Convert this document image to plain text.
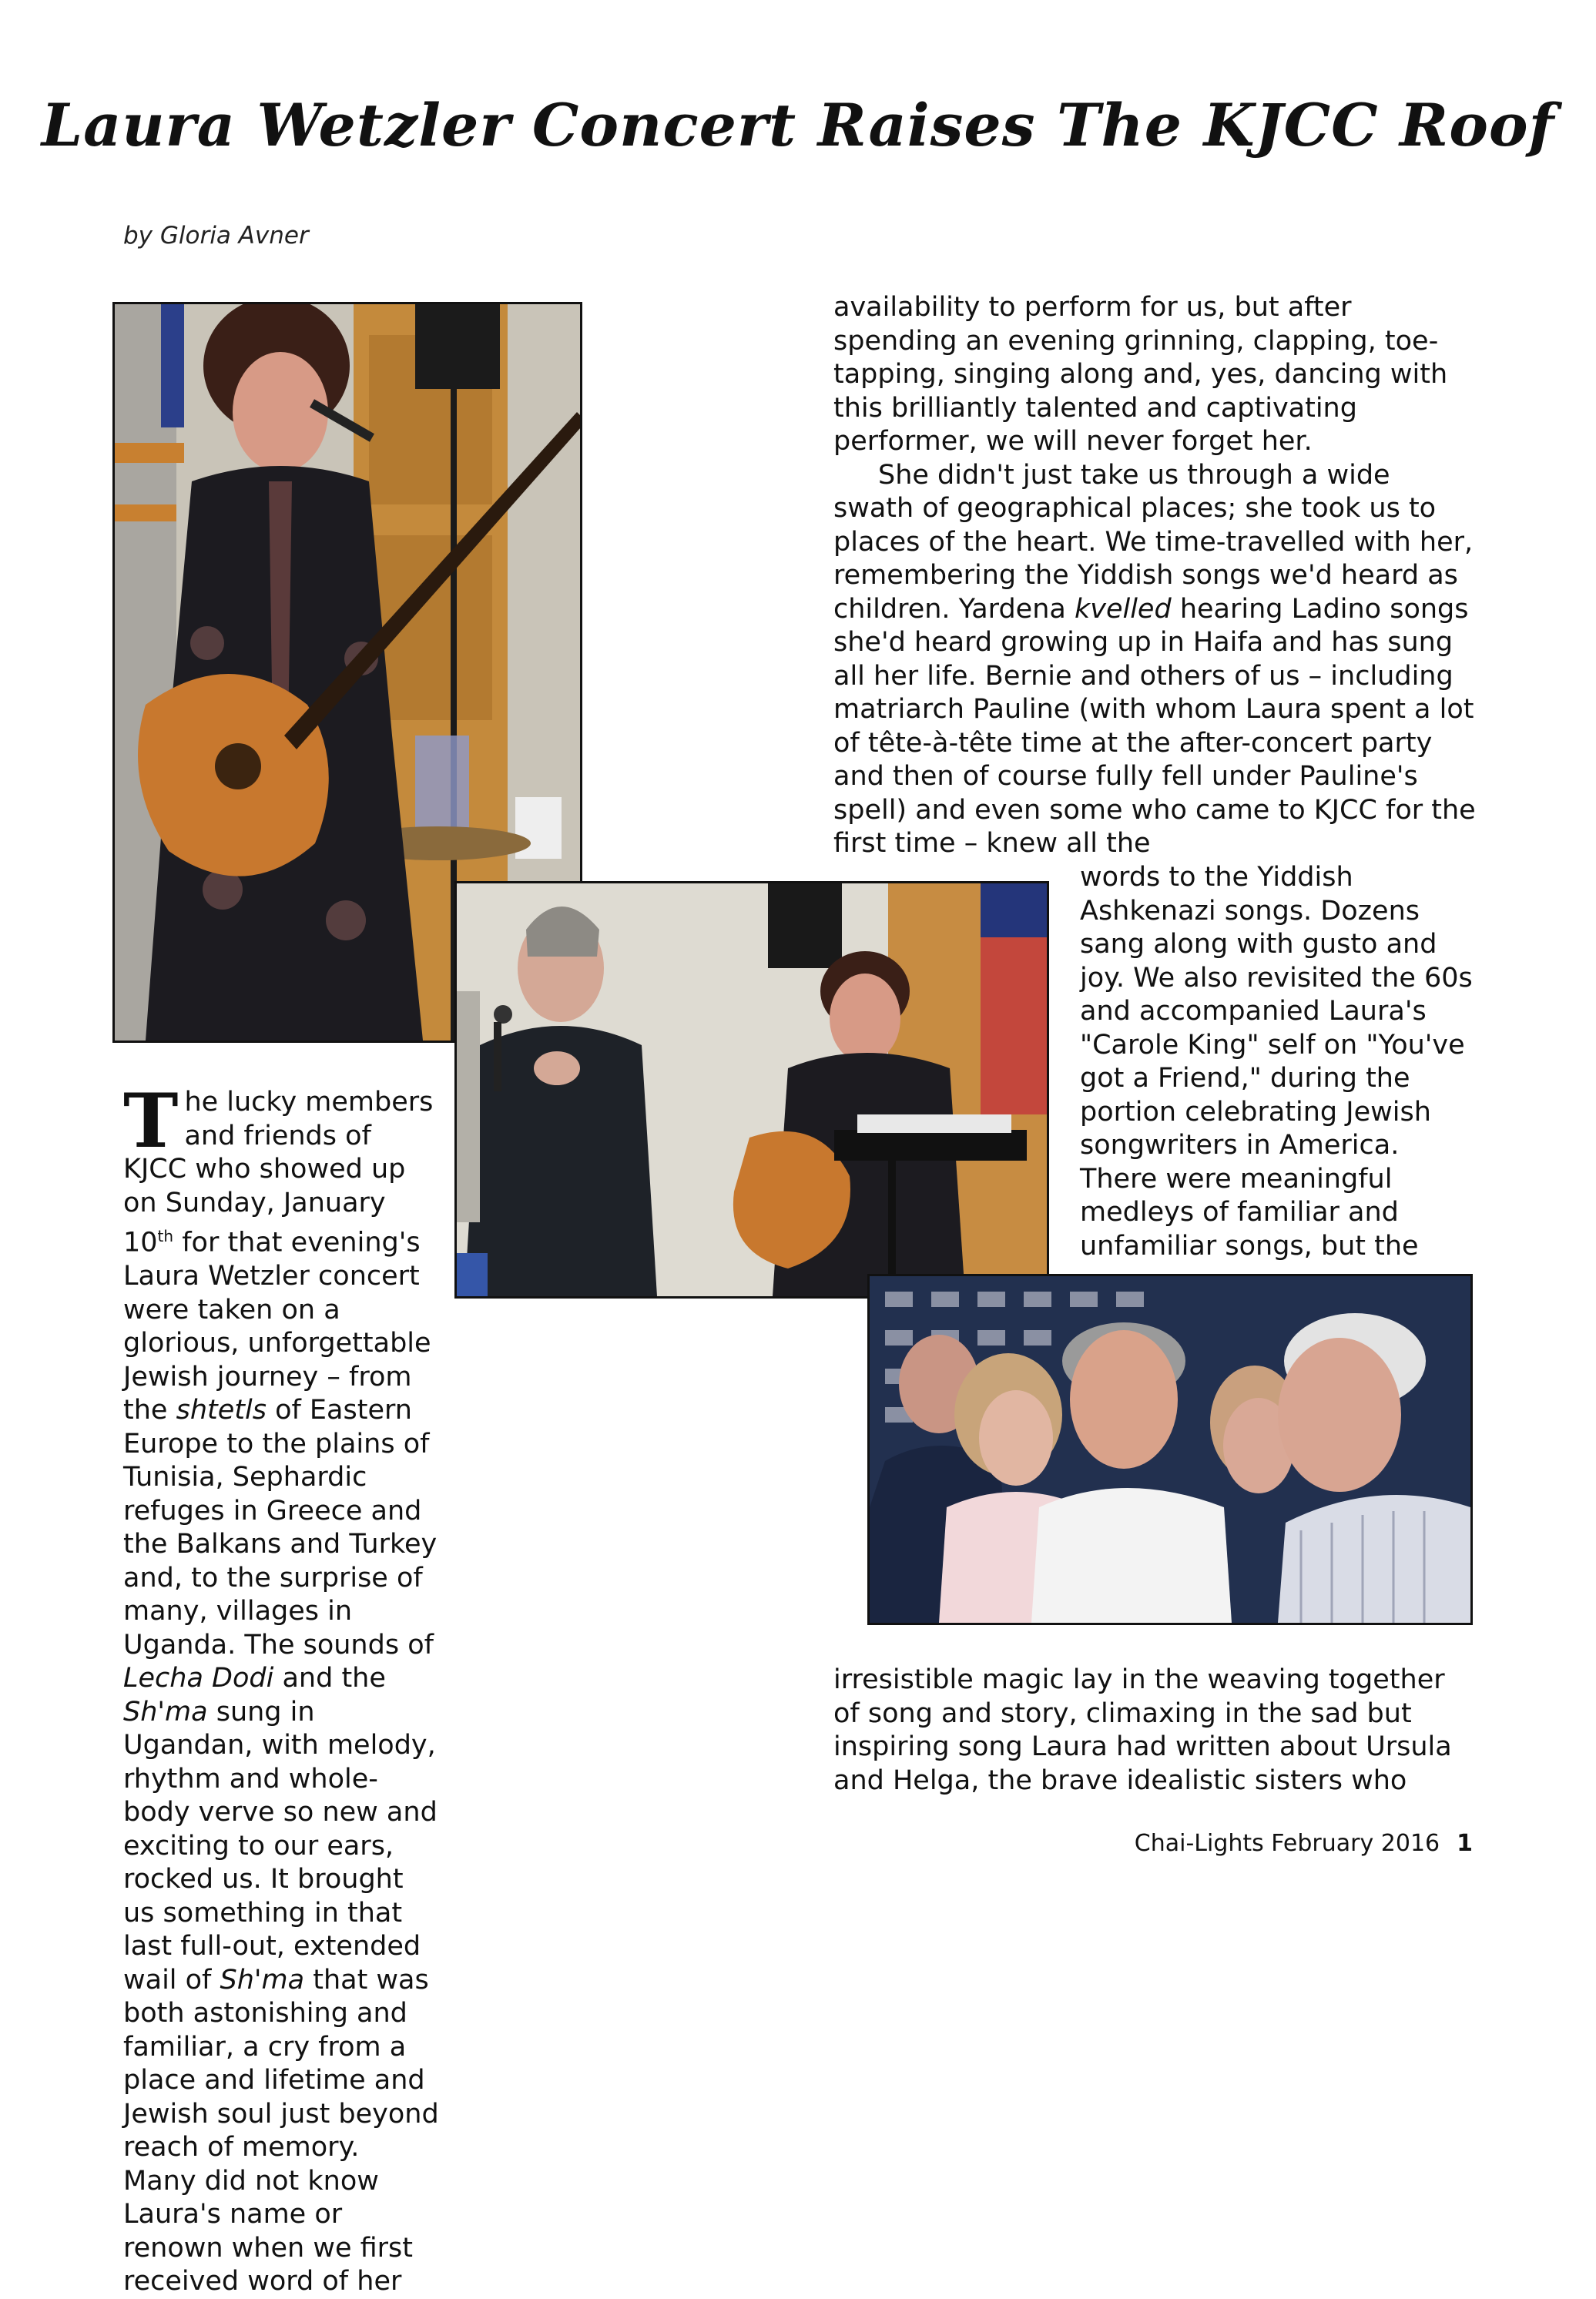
Laura Wetzler Concert Raises The KJCC Roof

by Gloria Avner

The lucky members and friends of KJCC who showed up on Sunday, January 10th for that evening's Laura Wetzler concert were taken on a glorious, unforgettable Jewish journey – from the shtetls of Eastern Europe to the plains of Tunisia, Sephardic refuges in Greece and the Balkans and Turkey and, to the surprise of many, villages in Uganda. The sounds of Lecha Dodi and the Sh'ma sung in Ugandan, with melody, rhythm and whole-body verve so new and exciting to our ears, rocked us. It brought us something in that last full-out, extended wail of Sh'ma that was both astonishing and familiar, a cry from a place and lifetime and Jewish soul just beyond reach of memory. Many did not know Laura's name or renown when we first received word of her

availability to perform for us, but after spending an evening grinning, clapping, toe-tapping, singing along and, yes, dancing with this brilliantly talented and captivating performer, we will never forget her.

She didn't just take us through a wide swath of geographical places; she took us to places of the heart. We time-travelled with her, remembering the Yiddish songs we'd heard as children. Yardena kvelled hearing Ladino songs she'd heard growing up in Haifa and has sung all her life. Bernie and others of us – including matriarch Pauline (with whom Laura spent a lot of tête-à-tête time at the after-concert party and then of course fully fell under Pauline's spell) and even some who came to KJCC for the first time – knew all the

words to the Yiddish Ashkenazi songs. Dozens sang along with gusto and joy. We also revisited the 60s and accompanied Laura's "Carole King" self on "You've got a Friend," during the portion celebrating Jewish songwriters in America. There were meaningful medleys of familiar and unfamiliar songs, but the

irresistible magic lay in the weaving together of song and story, climaxing in the sad but inspiring song Laura had written about Ursula and Helga, the brave idealistic sisters who

Chai-Lights February 2016 1
